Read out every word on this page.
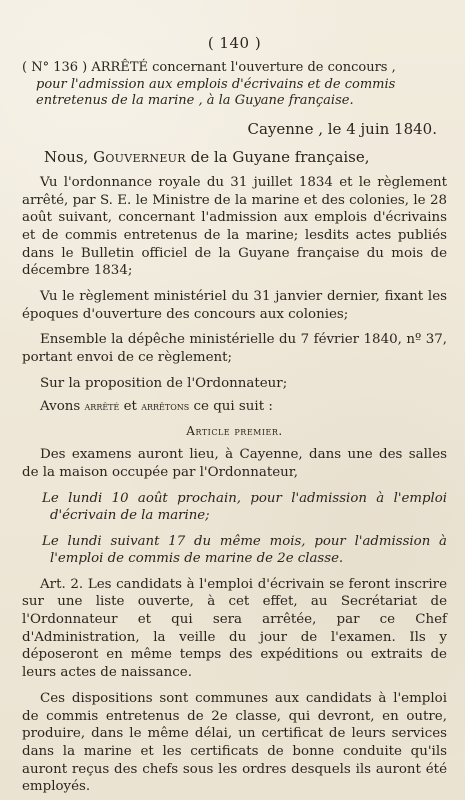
( 140 )
( N° 136 ) ARRÊTÉ concernant l'ouverture de concours ,
pour l'admission aux emplois d'écrivains et de commis
entretenus de la marine , à la Guyane française.
Cayenne , le 4 juin 1840.
Nous, Gouverneur de la Guyane française,

Vu l'ordonnance royale du 31 juillet 1834 et le règlement arrêté, par S. E. le Ministre de la marine et des colonies, le 28 août suivant, concernant l'admission aux emplois d'écrivains et de commis entretenus de la marine; lesdits actes publiés dans le Bulletin officiel de la Guyane française du mois de décembre 1834;

Vu le règlement ministériel du 31 janvier dernier, fixant les époques d'ouverture des concours aux colonies;

Ensemble la dépêche ministérielle du 7 février 1840, nº 37, portant envoi de ce règlement;

Sur la proposition de l'Ordonnateur;

Avons arrêté et arrêtons ce qui suit :

Article premier.

Des examens auront lieu, à Cayenne, dans une des salles de la maison occupée par l'Ordonnateur,

Le lundi 10 août prochain, pour l'admission à l'emploi d'écrivain de la marine;

Le lundi suivant 17 du même mois, pour l'admission à l'emploi de commis de marine de 2e classe.

Art. 2. Les candidats à l'emploi d'écrivain se feront inscrire sur une liste ouverte, à cet effet, au Secrétariat de l'Ordonnateur et qui sera arrêtée, par ce Chef d'Administration, la veille du jour de l'examen. Ils y déposeront en même temps des expéditions ou extraits de leurs actes de naissance.

Ces dispositions sont communes aux candidats à l'emploi de commis entretenus de 2e classe, qui devront, en outre, produire, dans le même délai, un certificat de leurs services dans la marine et les certificats de bonne conduite qu'ils auront reçus des chefs sous les ordres desquels ils auront été employés.
